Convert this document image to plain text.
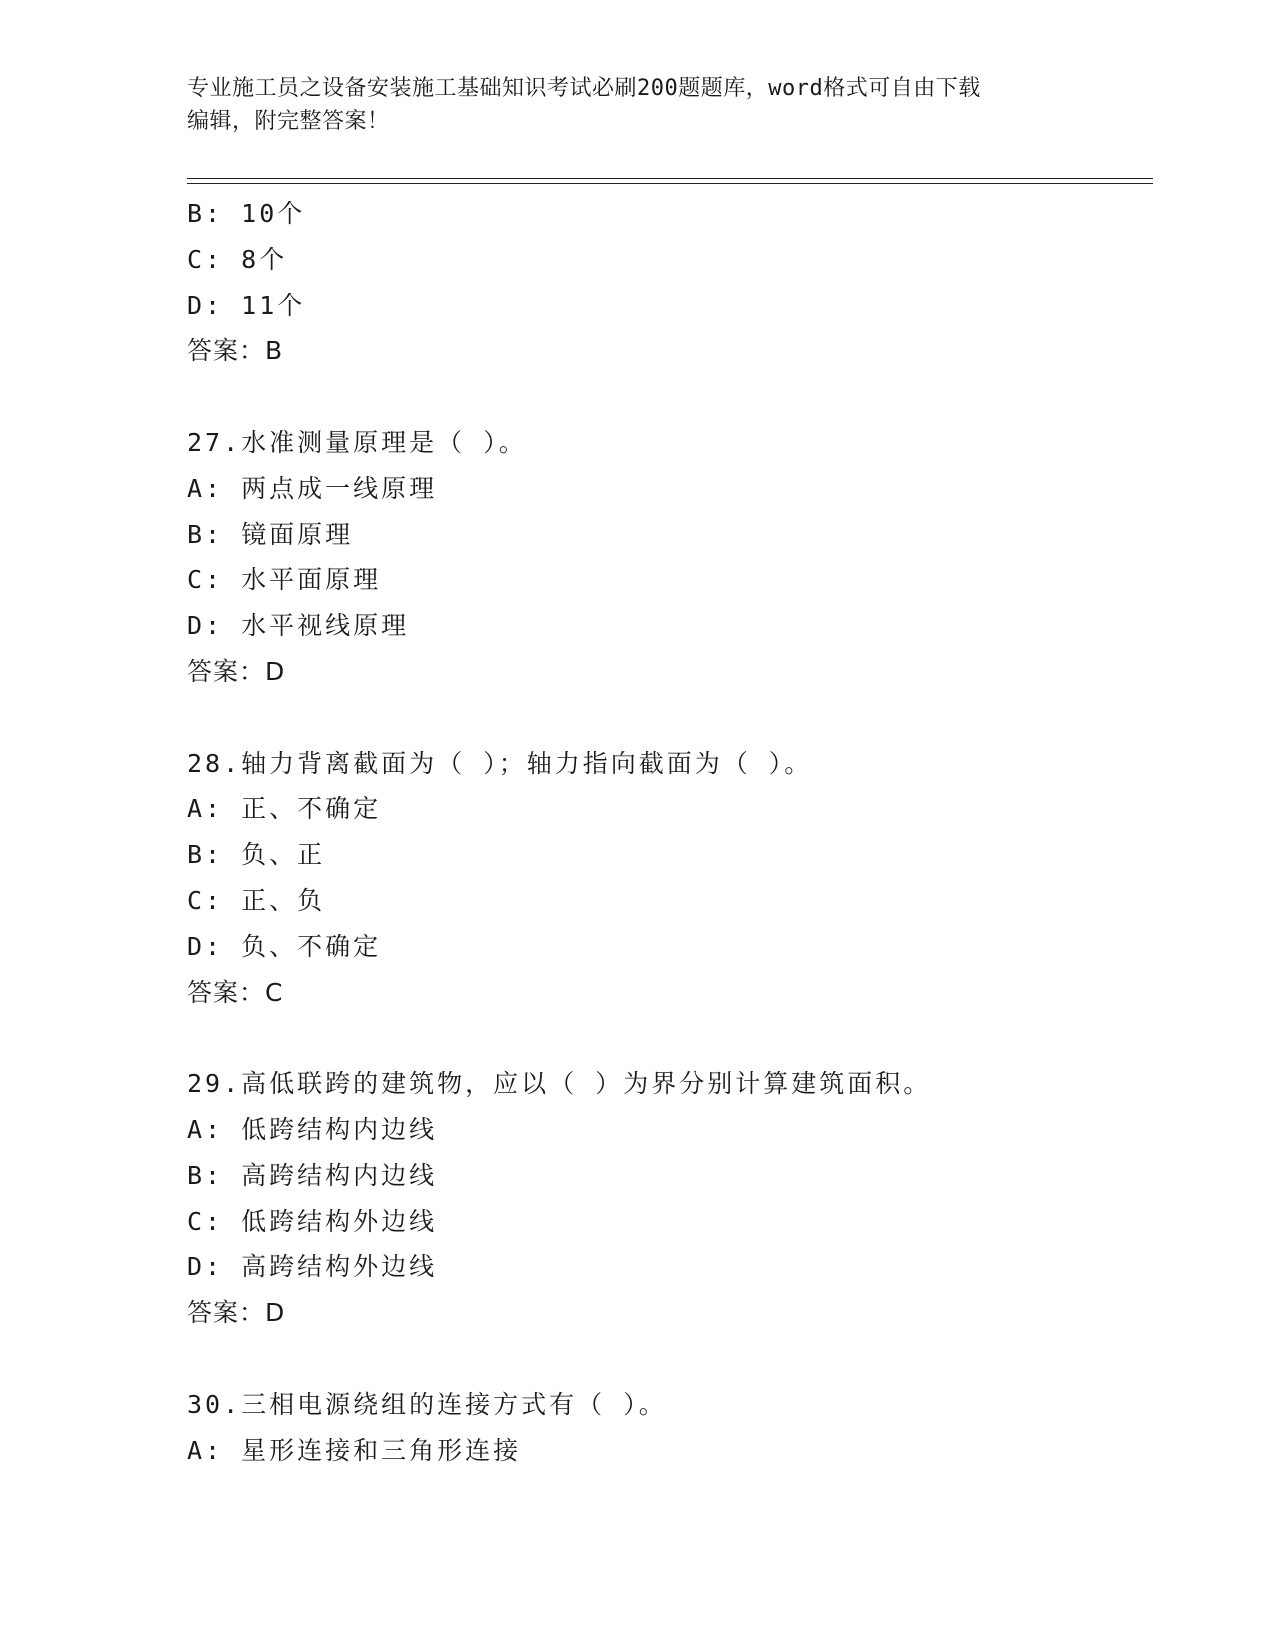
专业施工员之设备安装施工基础知识考试必刷200题题库，word格式可自由下载
编辑，附完整答案！
B: 10个
C: 8个
D: 11个
答案：B
27.水准测量原理是（ ）。
A: 两点成一线原理
B: 镜面原理
C: 水平面原理
D: 水平视线原理
答案：D
28.轴力背离截面为（ ）；轴力指向截面为（ ）。
A: 正、不确定
B: 负、正
C: 正、负
D: 负、不确定
答案：C
29.高低联跨的建筑物，应以（ ）为界分别计算建筑面积。
A: 低跨结构内边线
B: 高跨结构内边线
C: 低跨结构外边线
D: 高跨结构外边线
答案：D
30.三相电源绕组的连接方式有（ ）。
A: 星形连接和三角形连接
